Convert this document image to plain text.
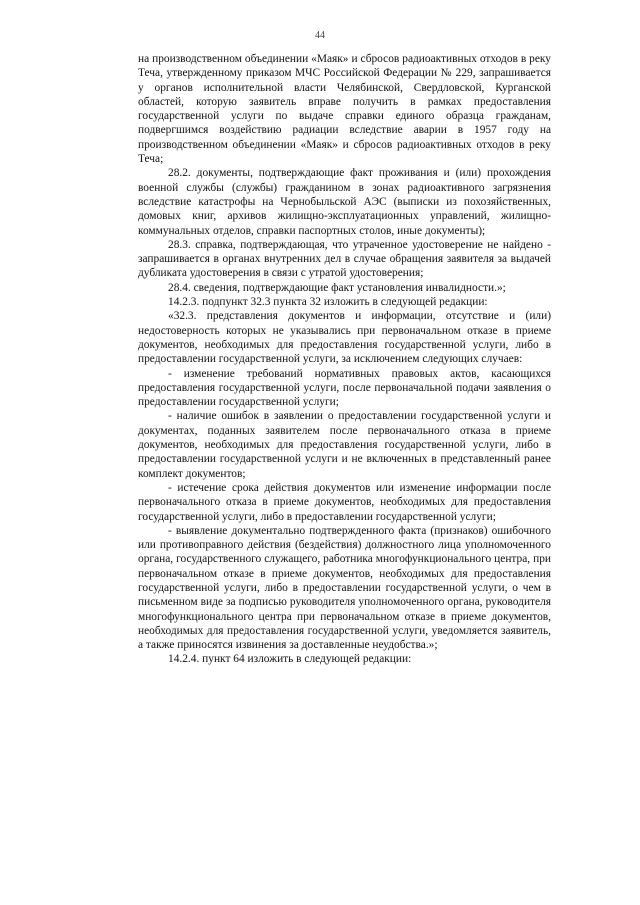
44

на производственном объединении «Маяк» и сбросов радиоактивных отходов в реку Теча, утвержденному приказом МЧС Российской Федерации № 229, запрашивается у органов исполнительной власти Челябинской, Свердловской, Курганской областей, которую заявитель вправе получить в рамках предоставления государственной услуги по выдаче справки единого образца гражданам, подвергшимся воздействию радиации вследствие аварии в 1957 году на производственном объединении «Маяк» и сбросов радиоактивных отходов в реку Теча;

28.2. документы, подтверждающие факт проживания и (или) прохождения военной службы (службы) гражданином в зонах радиоактивного загрязнения вследствие катастрофы на Чернобыльской АЭС (выписки из похозяйственных, домовых книг, архивов жилищно-эксплуатационных управлений, жилищно-коммунальных отделов, справки паспортных столов, иные документы);

28.3. справка, подтверждающая, что утраченное удостоверение не найдено - запрашивается в органах внутренних дел в случае обращения заявителя за выдачей дубликата удостоверения в связи с утратой удостоверения;

28.4. сведения, подтверждающие факт установления инвалидности.»;

14.2.3. подпункт 32.3 пункта 32 изложить в следующей редакции:

«32.3. представления документов и информации, отсутствие и (или) недостоверность которых не указывались при первоначальном отказе в приеме документов, необходимых для предоставления государственной услуги, либо в предоставлении государственной услуги, за исключением следующих случаев:

- изменение требований нормативных правовых актов, касающихся предоставления государственной услуги, после первоначальной подачи заявления о предоставлении государственной услуги;

- наличие ошибок в заявлении о предоставлении государственной услуги и документах, поданных заявителем после первоначального отказа в приеме документов, необходимых для предоставления государственной услуги, либо в предоставлении государственной услуги и не включенных в представленный ранее комплект документов;

- истечение срока действия документов или изменение информации после первоначального отказа в приеме документов, необходимых для предоставления государственной услуги, либо в предоставлении государственной услуги;

- выявление документально подтвержденного факта (признаков) ошибочного или противоправного действия (бездействия) должностного лица уполномоченного органа, государственного служащего, работника многофункционального центра, при первоначальном отказе в приеме документов, необходимых для предоставления государственной услуги, либо в предоставлении государственной услуги, о чем в письменном виде за подписью руководителя уполномоченного органа, руководителя многофункционального центра при первоначальном отказе в приеме документов, необходимых для предоставления государственной услуги, уведомляется заявитель, а также приносятся извинения за доставленные неудобства.»;

14.2.4. пункт 64 изложить в следующей редакции:
